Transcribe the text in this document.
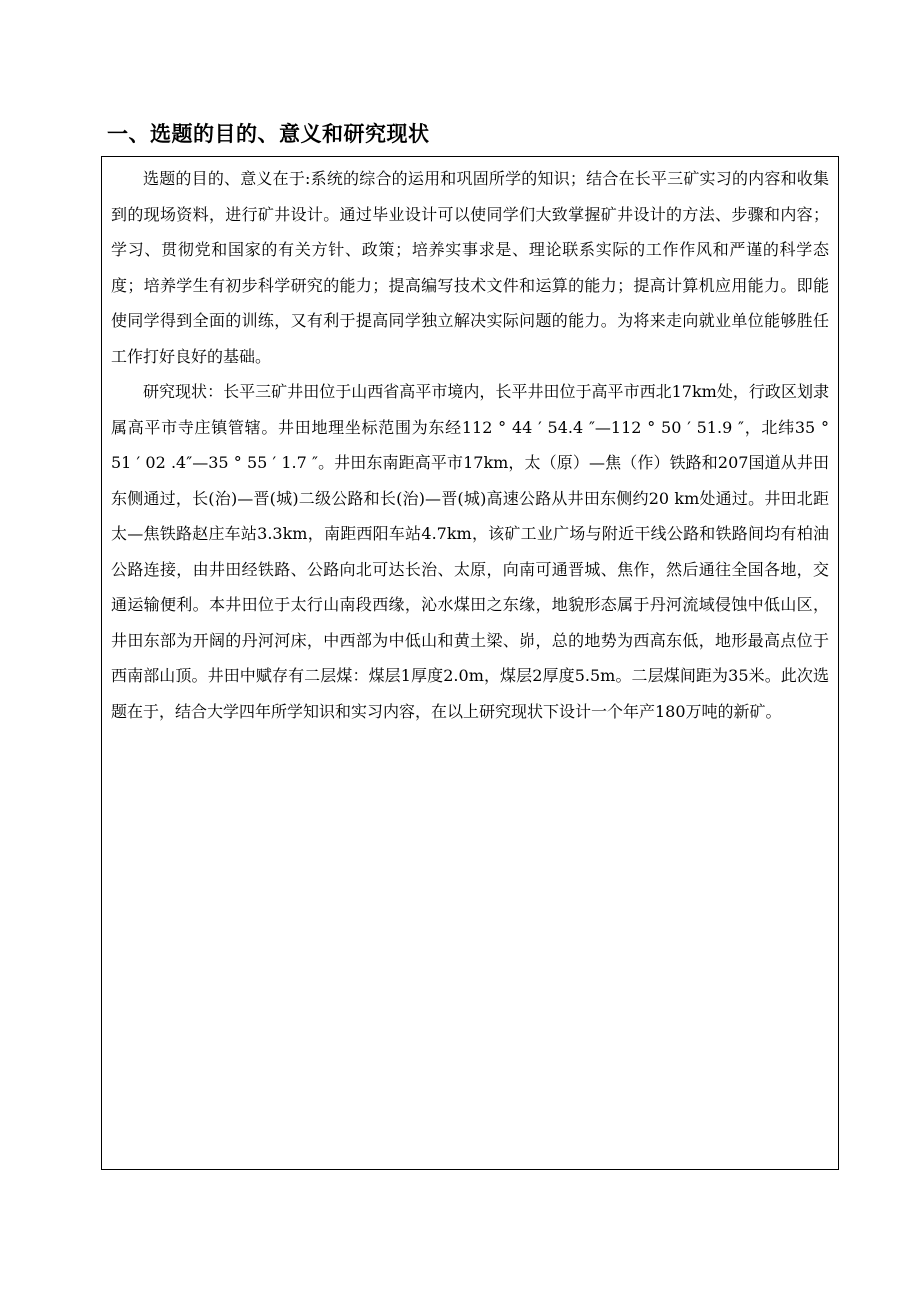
一、选题的目的、意义和研究现状

选题的目的、意义在于:系统的综合的运用和巩固所学的知识；结合在长平三矿实习的内容和收集到的现场资料，进行矿井设计。通过毕业设计可以使同学们大致掌握矿井设计的方法、步骤和内容；学习、贯彻党和国家的有关方针、政策；培养实事求是、理论联系实际的工作作风和严谨的科学态度；培养学生有初步科学研究的能力；提高编写技术文件和运算的能力；提高计算机应用能力。即能使同学得到全面的训练，又有利于提高同学独立解决实际问题的能力。为将来走向就业单位能够胜任工作打好良好的基础。

研究现状：长平三矿井田位于山西省高平市境内，长平井田位于高平市西北17km处，行政区划隶属高平市寺庄镇管辖。井田地理坐标范围为东经112 ° 44 ′ 54.4 ″—112 ° 50 ′ 51.9 ″，北纬35 ° 51 ′ 02 .4″—35 ° 55 ′ 1.7 ″。井田东南距高平市17km，太（原）—焦（作）铁路和207国道从井田东侧通过，长(治)—晋(城)二级公路和长(治)—晋(城)高速公路从井田东侧约20 km处通过。井田北距太—焦铁路赵庄车站3.3km，南距西阳车站4.7km，该矿工业广场与附近干线公路和铁路间均有柏油公路连接，由井田经铁路、公路向北可达长治、太原，向南可通晋城、焦作，然后通往全国各地，交通运输便利。本井田位于太行山南段西缘，沁水煤田之东缘，地貌形态属于丹河流域侵蚀中低山区，井田东部为开阔的丹河河床，中西部为中低山和黄土梁、峁，总的地势为西高东低，地形最高点位于西南部山顶。井田中赋存有二层煤：煤层1厚度2.0m，煤层2厚度5.5m。二层煤间距为35米。此次选题在于，结合大学四年所学知识和实习内容，在以上研究现状下设计一个年产180万吨的新矿。
